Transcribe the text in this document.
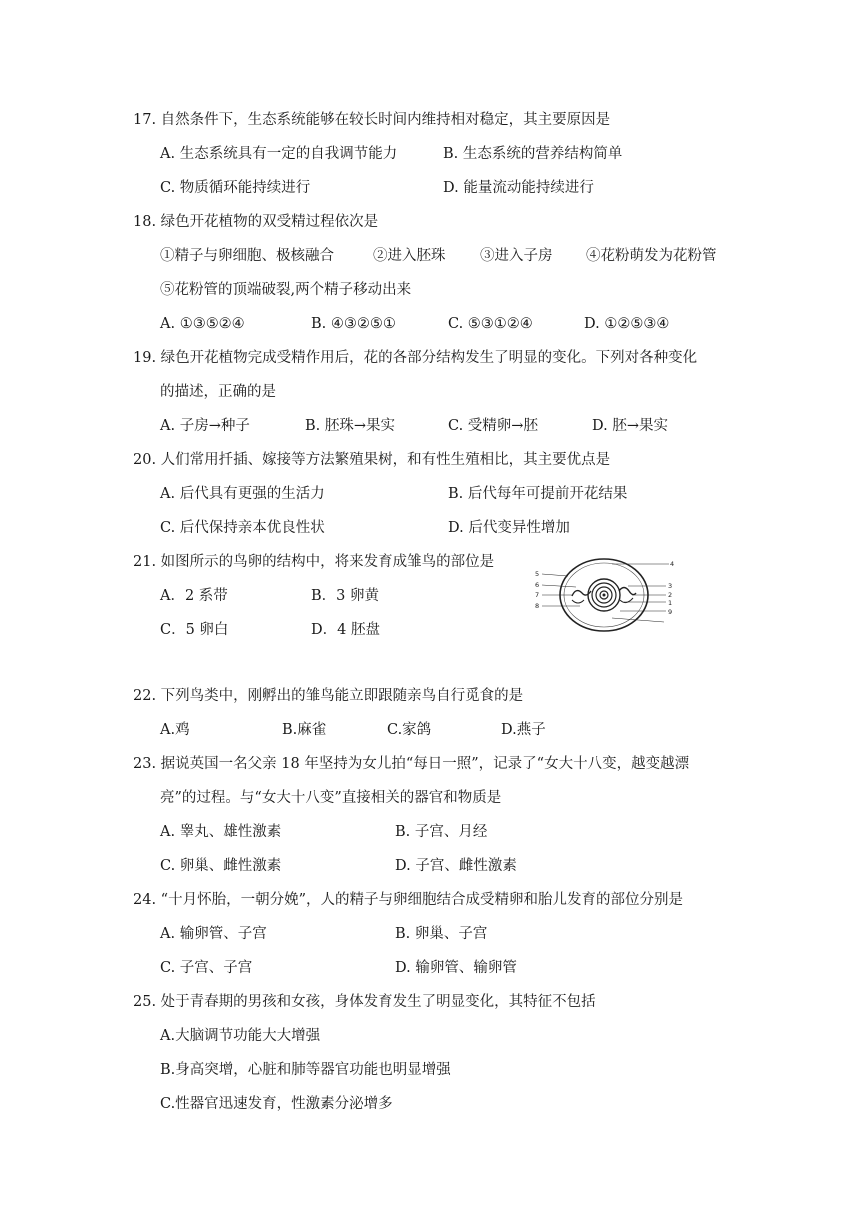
17. 自然条件下，生态系统能够在较长时间内维持相对稳定，其主要原因是
A. 生态系统具有一定的自我调节能力	B. 生态系统的营养结构简单
C. 物质循环能持续进行	D. 能量流动能持续进行
18. 绿色开花植物的双受精过程依次是
①精子与卵细胞、极核融合	②进入胚珠 ③进入子房 ④花粉萌发为花粉管
⑤花粉管的顶端破裂,两个精子移动出来
A. ①③⑤②④	B. ④③②⑤①	C. ⑤③①②④	D. ①②⑤③④
19. 绿色开花植物完成受精作用后，花的各部分结构发生了明显的变化。下列对各种变化
的描述，正确的是
A. 子房→种子	B. 胚珠→果实	C. 受精卵→胚	D. 胚→果实
20. 人们常用扦插、嫁接等方法繁殖果树，和有性生殖相比，其主要优点是
A. 后代具有更强的生活力	B. 后代每年可提前开花结果
C. 后代保持亲本优良性状	D. 后代变异性增加
21. 如图所示的鸟卵的结构中，将来发育成雏鸟的部位是
A．2 系带	B．3 卵黄
C．5 卵白	D．4 胚盘
4
3
2
1
9
5
6
7
8
22. 下列鸟类中，刚孵出的雏鸟能立即跟随亲鸟自行觅食的是
A.鸡	B.麻雀	C.家鸽	D.燕子
23. 据说英国一名父亲 18 年坚持为女儿拍“每日一照”，记录了“女大十八变，越变越漂
亮”的过程。与“女大十八变”直接相关的器官和物质是
A. 睾丸、雄性激素	B. 子宫、月经
C. 卵巢、雌性激素	D. 子宫、雌性激素
24. “十月怀胎，一朝分娩”，人的精子与卵细胞结合成受精卵和胎儿发育的部位分别是
A. 输卵管、子宫	B. 卵巢、子宫
C. 子宫、子宫	D. 输卵管、输卵管
25. 处于青春期的男孩和女孩，身体发育发生了明显变化，其特征不包括
A.大脑调节功能大大增强
B.身高突增，心脏和肺等器官功能也明显增强
C.性器官迅速发育，性激素分泌增多
